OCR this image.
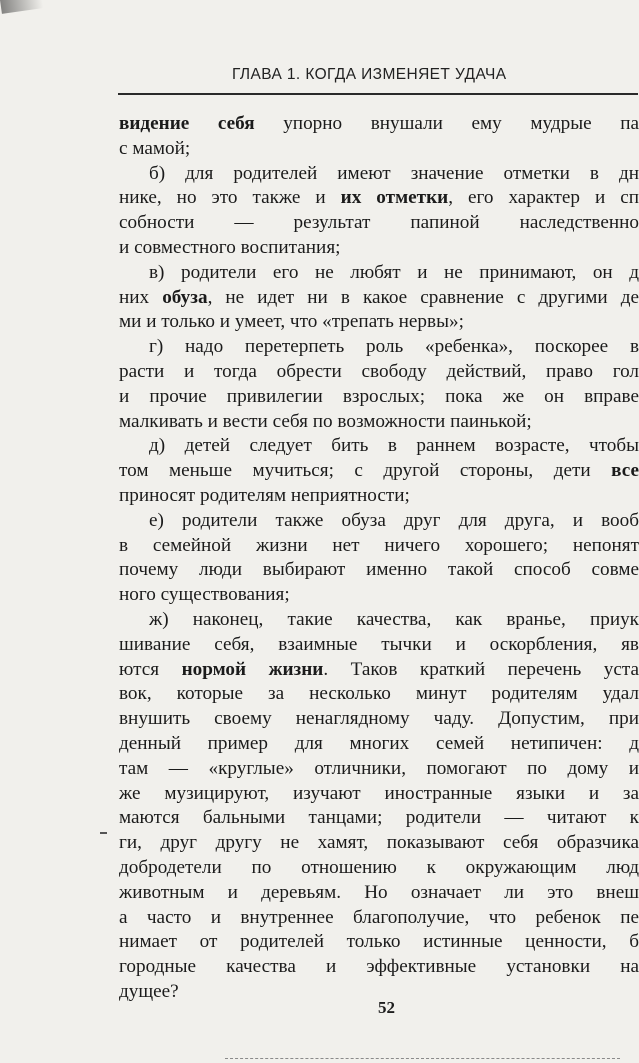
ГЛАВА 1. КОГДА ИЗМЕНЯЕТ УДАЧА
видение себя упорно внушали ему мудрые па
с мамой;
б) для родителей имеют значение отметки в дн
нике, но это также и их отметки, его характер и сп
собности — результат папиной наследственно
и совместного воспитания;
в) родители его не любят и не принимают, он д
них обуза, не идет ни в какое сравнение с другими де
ми и только и умеет, что «трепать нервы»;
г) надо перетерпеть роль «ребенка», поскорее в
расти и тогда обрести свободу действий, право гол
и прочие привилегии взрослых; пока же он вправе
малкивать и вести себя по возможности паинькой;
д) детей следует бить в раннем возрасте, чтобы
том меньше мучиться; с другой стороны, дети все
приносят родителям неприятности;
е) родители также обуза друг для друга, и вооб
в семейной жизни нет ничего хорошего; непонят
почему люди выбирают именно такой способ совме
ного существования;
ж) наконец, такие качества, как вранье, приук
шивание себя, взаимные тычки и оскорбления, яв
ются нормой жизни. Таков краткий перечень уста
вок, которые за несколько минут родителям удал
внушить своему ненаглядному чаду. Допустим, при
денный пример для многих семей нетипичен: д
там — «круглые» отличники, помогают по дому и
же музицируют, изучают иностранные языки и за
маются бальными танцами; родители — читают к
ги, друг другу не хамят, показывают себя образчика
добродетели по отношению к окружающим люд
животным и деревьям. Но означает ли это внеш
а часто и внутреннее благополучие, что ребенок пе
нимает от родителей только истинные ценности, б
городные качества и эффективные установки на
дущее?
52
